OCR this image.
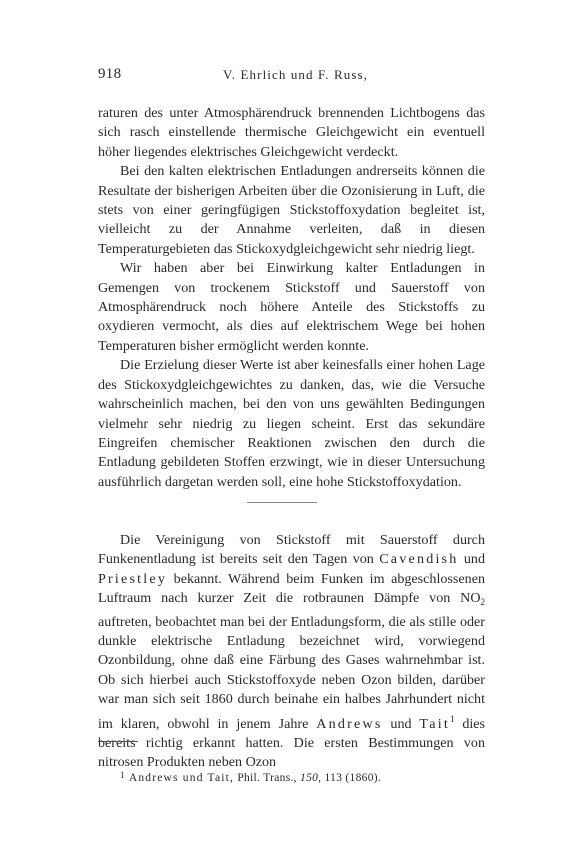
918	V. Ehrlich und F. Russ,

raturen des unter Atmosphärendruck brennenden Lichtbogens das sich rasch einstellende thermische Gleichgewicht ein eventuell höher liegendes elektrisches Gleichgewicht verdeckt.

Bei den kalten elektrischen Entladungen andrerseits können die Resultate der bisherigen Arbeiten über die Ozonisierung in Luft, die stets von einer geringfügigen Stickstoffoxydation begleitet ist, vielleicht zu der Annahme verleiten, daß in diesen Temperaturgebieten das Stickoxydgleichgewicht sehr niedrig liegt.

Wir haben aber bei Einwirkung kalter Entladungen in Gemengen von trockenem Stickstoff und Sauerstoff von Atmosphärendruck noch höhere Anteile des Stickstoffs zu oxydieren vermocht, als dies auf elektrischem Wege bei hohen Temperaturen bisher ermöglicht werden konnte.

Die Erzielung dieser Werte ist aber keinesfalls einer hohen Lage des Stickoxydgleichgewichtes zu danken, das, wie die Versuche wahrscheinlich machen, bei den von uns gewählten Bedingungen vielmehr sehr niedrig zu liegen scheint. Erst das sekundäre Eingreifen chemischer Reaktionen zwischen den durch die Entladung gebildeten Stoffen erzwingt, wie in dieser Untersuchung ausführlich dargetan werden soll, eine hohe Stickstoffoxydation.

Die Vereinigung von Stickstoff mit Sauerstoff durch Funkenentladung ist bereits seit den Tagen von Cavendish und Priestley bekannt. Während beim Funken im abgeschlossenen Luftraum nach kurzer Zeit die rotbraunen Dämpfe von $NO_2$ auftreten, beobachtet man bei der Entladungsform, die als stille oder dunkle elektrische Entladung bezeichnet wird, vorwiegend Ozonbildung, ohne daß eine Färbung des Gases wahrnehmbar ist. Ob sich hierbei auch Stickstoffoxyde neben Ozon bilden, darüber war man sich seit 1860 durch beinahe ein halbes Jahrhundert nicht im klaren, obwohl in jenem Jahre Andrews und Tait$^1$ dies bereits richtig erkannt hatten. Die ersten Bestimmungen von nitrosen Produkten neben Ozon

$^1$ Andrews und Tait, Phil. Trans., 150, 113 (1860).
